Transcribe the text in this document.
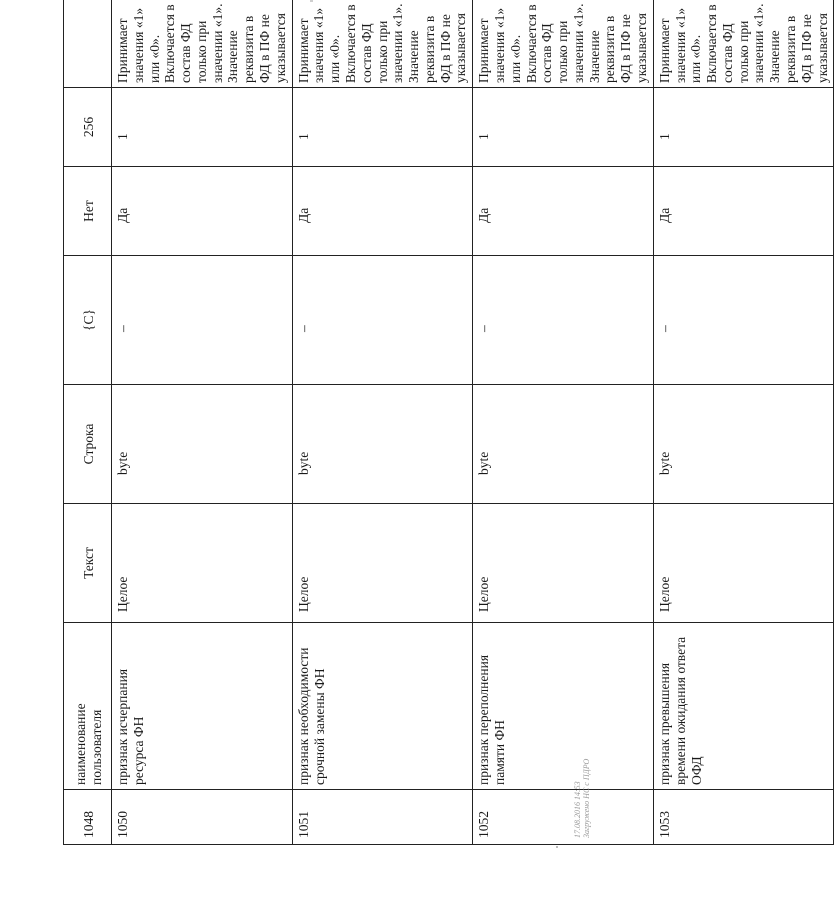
1048	наименование пользователя	Текст	Строка	{С}	Нет	256	
1050	признак исчерпания ресурса ФН	Целое	byte	–	Да	1	Принимает значения «1» или «0». Включается в состав ФД только при значении «1». Значение реквизита в ФД в ПФ не указывается
1051	признак необходимости срочной замены ФН	Целое	byte	–	Да	1	Принимает значения «1» или «0». Включается в состав ФД только при значении «1». Значение реквизита в ФД в ПФ не указывается
1052	признак переполнения памяти ФН	Целое	byte	–	Да	1	Принимает значения «1» или «0». Включается в состав ФД только при значении «1». Значение реквизита в ФД в ПФ не указывается
1053	признак превышения времени ожидания ответа ОФД	Целое	byte	–	Да	1	Принимает значения «1» или «0». Включается в состав ФД только при значении «1». Значение реквизита в ФД в ПФ не указывается
17.08.2016 14:53 Загружено НС с ПДРО
